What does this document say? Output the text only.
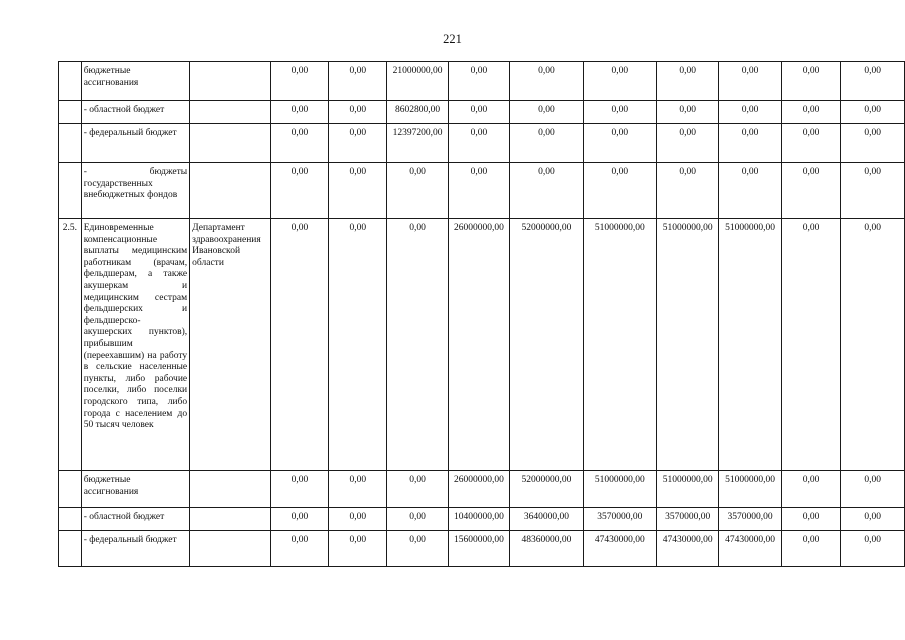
221
	бюджетные ассигнования		0,00	0,00	21000000,00	0,00	0,00	0,00	0,00	0,00	0,00	0,00
	- областной бюджет		0,00	0,00	8602800,00	0,00	0,00	0,00	0,00	0,00	0,00	0,00
	- федеральный бюджет		0,00	0,00	12397200,00	0,00	0,00	0,00	0,00	0,00	0,00	0,00
	- бюджеты государственных внебюджетных фондов		0,00	0,00	0,00	0,00	0,00	0,00	0,00	0,00	0,00	0,00
2.5.	Единовременные компенсационные выплаты медицинским работникам (врачам, фельдшерам, а также акушеркам и медицинским сестрам фельдшерских и фельдшерско-акушерских пунктов), прибывшим (переехавшим) на работу в сельские населенные пункты, либо рабочие поселки, либо поселки городского типа, либо города с населением до 50 тысяч человек	Департамент здравоохранения Ивановской области	0,00	0,00	0,00	26000000,00	52000000,00	51000000,00	51000000,00	51000000,00	0,00	0,00
	бюджетные ассигнования		0,00	0,00	0,00	26000000,00	52000000,00	51000000,00	51000000,00	51000000,00	0,00	0,00
	- областной бюджет		0,00	0,00	0,00	10400000,00	3640000,00	3570000,00	3570000,00	3570000,00	0,00	0,00
	- федеральный бюджет		0,00	0,00	0,00	15600000,00	48360000,00	47430000,00	47430000,00	47430000,00	0,00	0,00
